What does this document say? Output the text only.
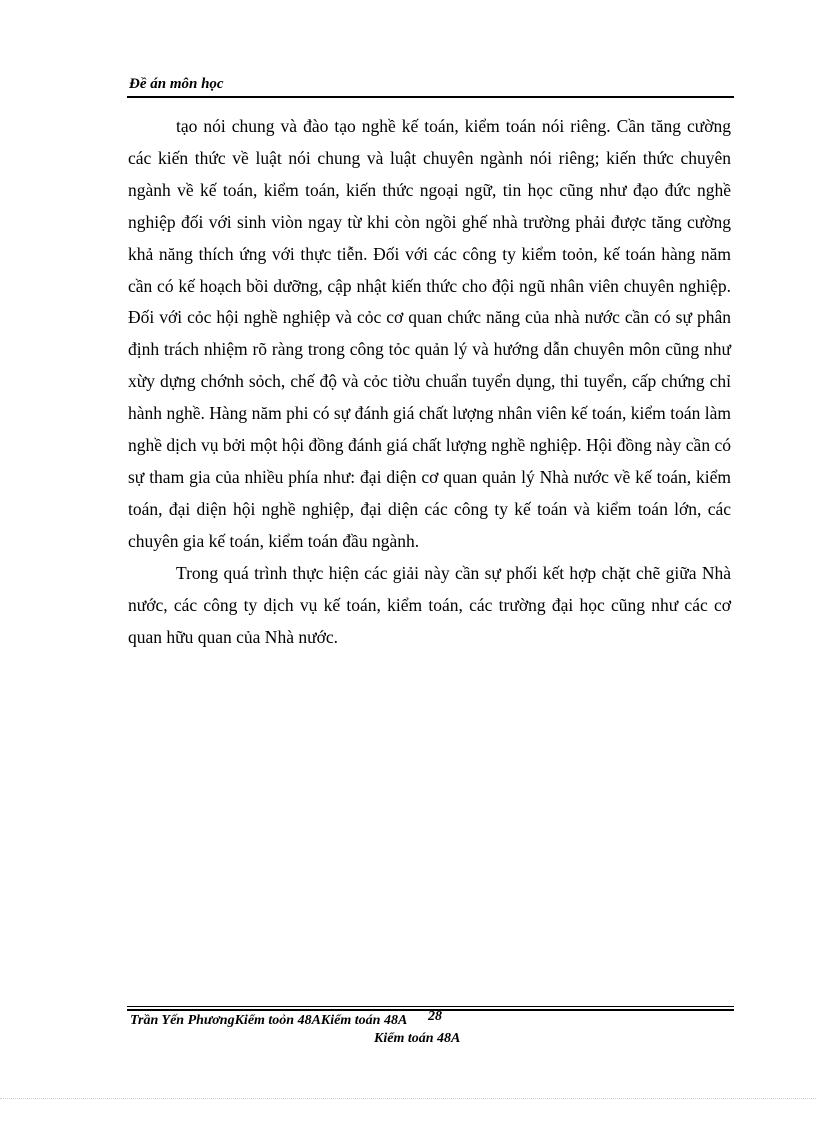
Đề án môn học

tạo nói chung và đào tạo nghề kế toán, kiểm toán nói riêng. Cần tăng cường các kiến thức về luật nói chung và luật chuyên ngành nói riêng; kiến thức chuyên ngành về kế toán, kiểm toán, kiến thức ngoại ngữ, tin học cũng như đạo đức nghề nghiệp đối với sinh viòn ngay từ khi còn ngồi ghế nhà trường phải được tăng cường khả năng thích ứng với thực tiễn. Đối với các công ty kiểm toỏn, kế toán hàng năm cần có kế hoạch bồi dưỡng, cập nhật kiến thức cho đội ngũ nhân viên chuyên nghiệp. Đối với cỏc hội nghề nghiệp và cỏc cơ quan chức năng của nhà nước cần có sự phân định trách nhiệm rõ ràng trong công tỏc quản lý và hướng dẫn chuyên môn cũng như xừy dựng chớnh sỏch, chế độ và cỏc tiờu chuẩn tuyển dụng, thi tuyển, cấp chứng chỉ hành nghề. Hàng năm phi có sự đánh giá chất lượng nhân viên kế toán, kiểm toán làm nghề dịch vụ bởi một hội đồng đánh giá chất lượng nghề nghiệp. Hội đồng này cần có sự tham gia của nhiều phía như: đại diện cơ quan quản lý Nhà nước về kế toán, kiểm toán, đại diện hội nghề nghiệp, đại diện các công ty kế toán và kiểm toán lớn, các chuyên gia kế toán, kiểm toán đầu ngành.

Trong quá trình thực hiện các giải này cần sự phối kết hợp chặt chẽ giữa Nhà nước, các công ty dịch vụ kế toán, kiểm toán, các trường đại học cũng như các cơ quan hữu quan của Nhà nước.

Trần Yến PhươngKiểm toỏn 48AKiểm toán 48A 28
Kiểm toán 48A
